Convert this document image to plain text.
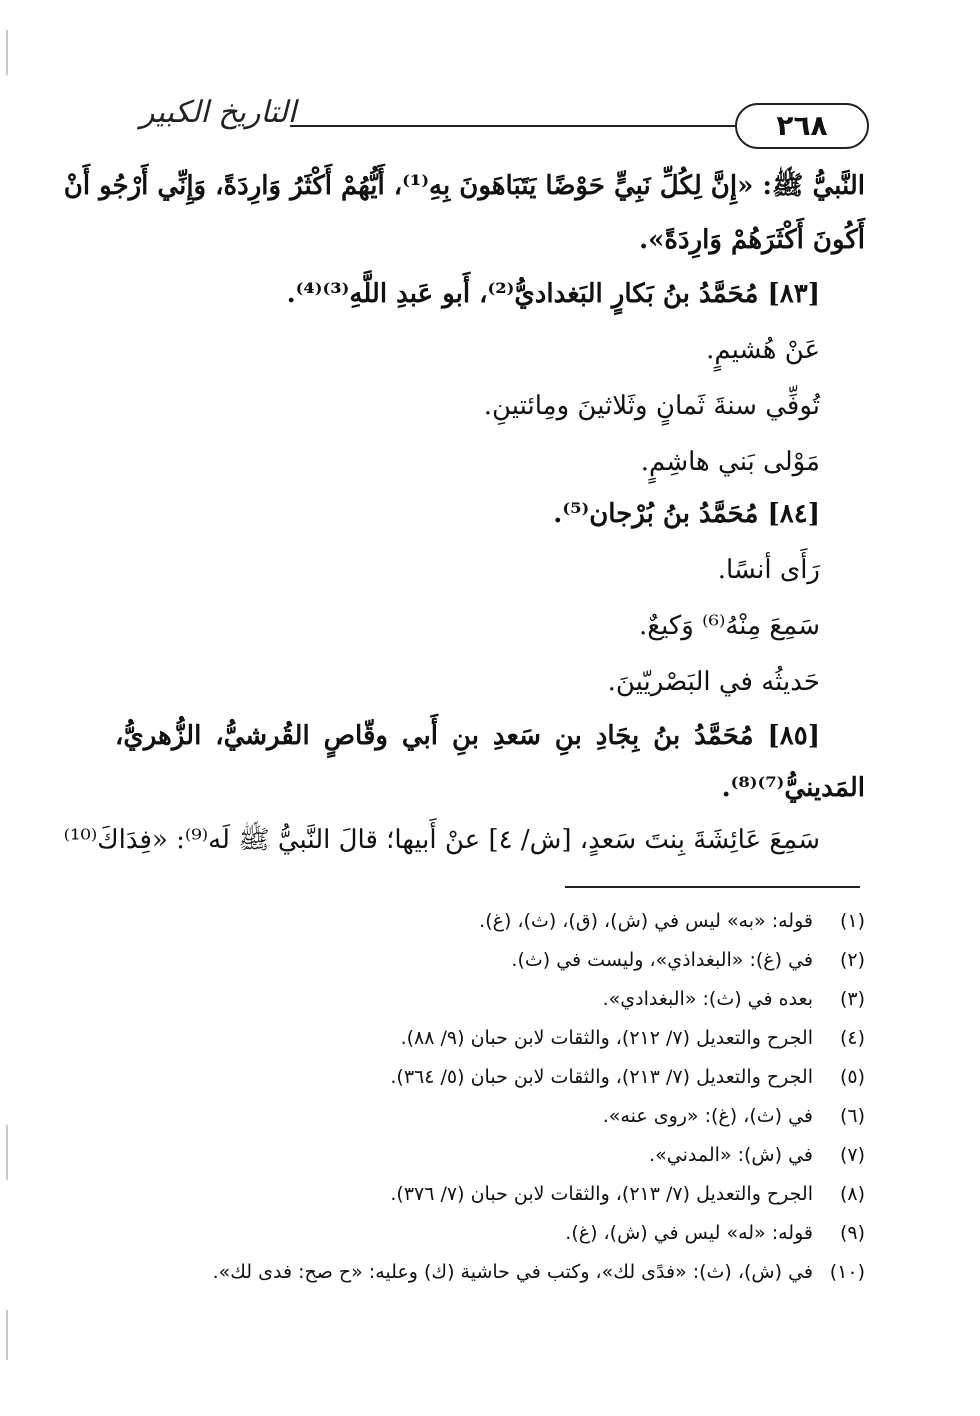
التاريخ الكبير	٢٦٨

النَّبيُّ ﷺ: «إِنَّ لِكُلِّ نَبِيٍّ حَوْضًا يَتَبَاهَونَ بِهِ⁽¹⁾، أَيُّهُمْ أَكْثَرُ وَارِدَةً، وَإِنِّي أَرْجُو أَنْ

أَكُونَ أَكْثَرَهُمْ وَارِدَةً».

[٨٣] مُحَمَّدُ بنُ بَكارٍ البَغداديُّ⁽²⁾، أَبو عَبدِ اللَّهِ⁽³⁾⁽⁴⁾.

عَنْ هُشيمٍ.

تُوفِّي سنةَ ثَمانٍ وثَلاثينَ ومِائتينِ.

مَوْلى بَني هاشِمٍ.

[٨٤] مُحَمَّدُ بنُ بُرْجان⁽⁵⁾.

رَأَى أنسًا.

سَمِعَ مِنْهُ⁽⁶⁾ وَكيعٌ.

حَديثُه في البَصْريّينَ.

[٨٥] مُحَمَّدُ بنُ بِجَادِ بنِ سَعدِ بنِ أَبي وقّاصٍ القُرشيُّ، الزُّهريُّ،

المَدينيُّ⁽⁷⁾⁽⁸⁾.

سَمِعَ عَائِشَةَ بِنتَ سَعدٍ، [ش/ ٤] عنْ أَبيها؛ قالَ النَّبيُّ ﷺ لَه⁽⁹⁾: «فِدَاكَ⁽¹⁰⁾

(١)قوله: «به» ليس في (ش)، (ق)، (ث)، (غ).
(٢)في (غ): «البغداذي»، وليست في (ث).
(٣)بعده في (ث): «البغدادي».
(٤)الجرح والتعديل (٧/ ٢١٢)، والثقات لابن حبان (٩/ ٨٨).
(٥)الجرح والتعديل (٧/ ٢١٣)، والثقات لابن حبان (٥/ ٣٦٤).
(٦)في (ث)، (غ): «روى عنه».
(٧)في (ش): «المدني».
(٨)الجرح والتعديل (٧/ ٢١٣)، والثقات لابن حبان (٧/ ٣٧٦).
(٩)قوله: «له» ليس في (ش)، (غ).
(١٠)في (ش)، (ث): «فدًى لك»، وكتب في حاشية (ك) وعليه: «ح صح: فدى لك».
